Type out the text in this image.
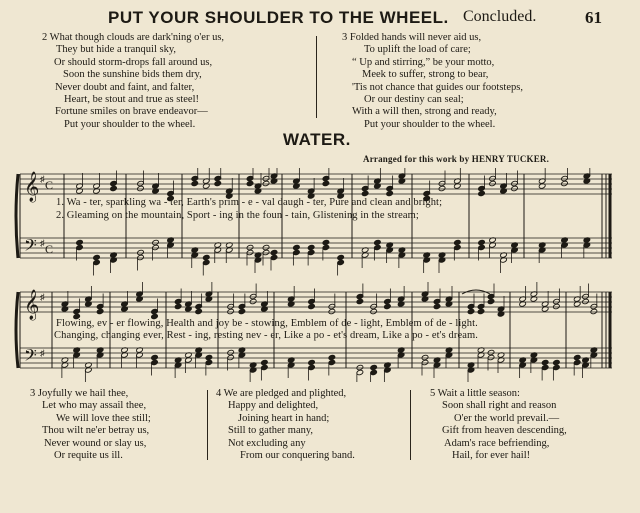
PUT YOUR SHOULDER TO THE WHEEL. Concluded.	61
2 What though clouds are dark'ning o'er us,
They but hide a tranquil sky,
Or should storm-drops fall around us,
Soon the sunshine bids them dry,
Never doubt and faint, and falter,
Heart, be stout and true as steel!
Fortune smiles on brave endeavor—
Put your shoulder to the wheel.
3 Folded hands will never aid us,
To uplift the load of care;
“ Up and stirring,” be your motto,
Meek to suffer, strong to bear,
'Tis not chance that guides our footsteps,
Or our destiny can seal;
With a will then, strong and ready,
Put your shoulder to the wheel.
WATER.
Arranged for this work by HENRY TUCKER.
𝄞
𝄢
♯
♯
C
C
1. Wa - ter, sparkling wa - ter, Earth's prim - e - val daugh - ter, Pure and clean and bright;
2. Gleaming on the mountain, Sport - ing in the foun - tain, Glistening in the stream;
𝄞
𝄢
♯
♯
Flowing, ev - er flowing, Health and joy be - stowing, Emblem of de - light, Emblem of de - light.
Changing, changing ever, Rest - ing, resting nev - er, Like a po - et's dream, Like a po - et's dream.
3 Joyfully we hail thee,
Let who may assail thee,
We will love thee still;
Thou wilt ne'er betray us,
Never wound or slay us,
Or requite us ill.
4 We are pledged and plighted,
Happy and delighted,
Joining heart in hand;
Still to gather many,
Not excluding any
From our conquering band.
5 Wait a little season:
Soon shall right and reason
O'er the world prevail.—
Gift from heaven descending,
Adam's race befriending,
Hail, for ever hail!
